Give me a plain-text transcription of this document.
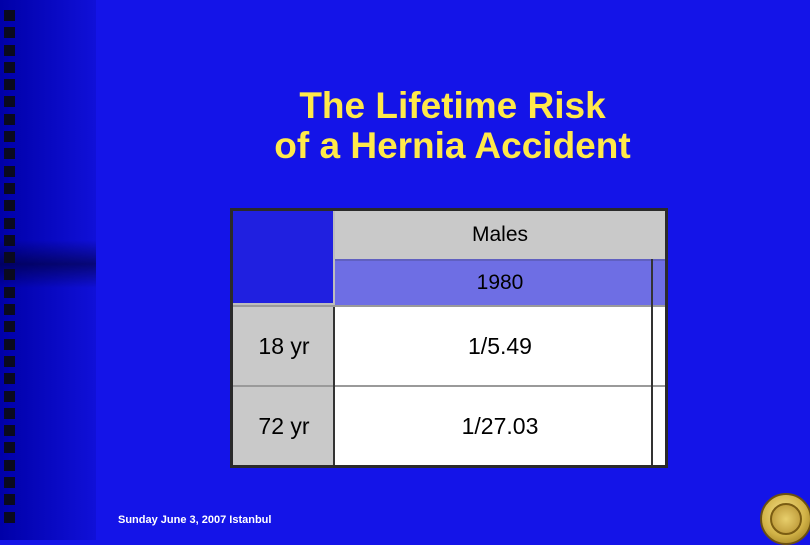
The Lifetime Risk
of a Hernia Accident
Males
1980
18 yr	1/5.49
72 yr	1/27.03
Sunday June 3, 2007 Istanbul
